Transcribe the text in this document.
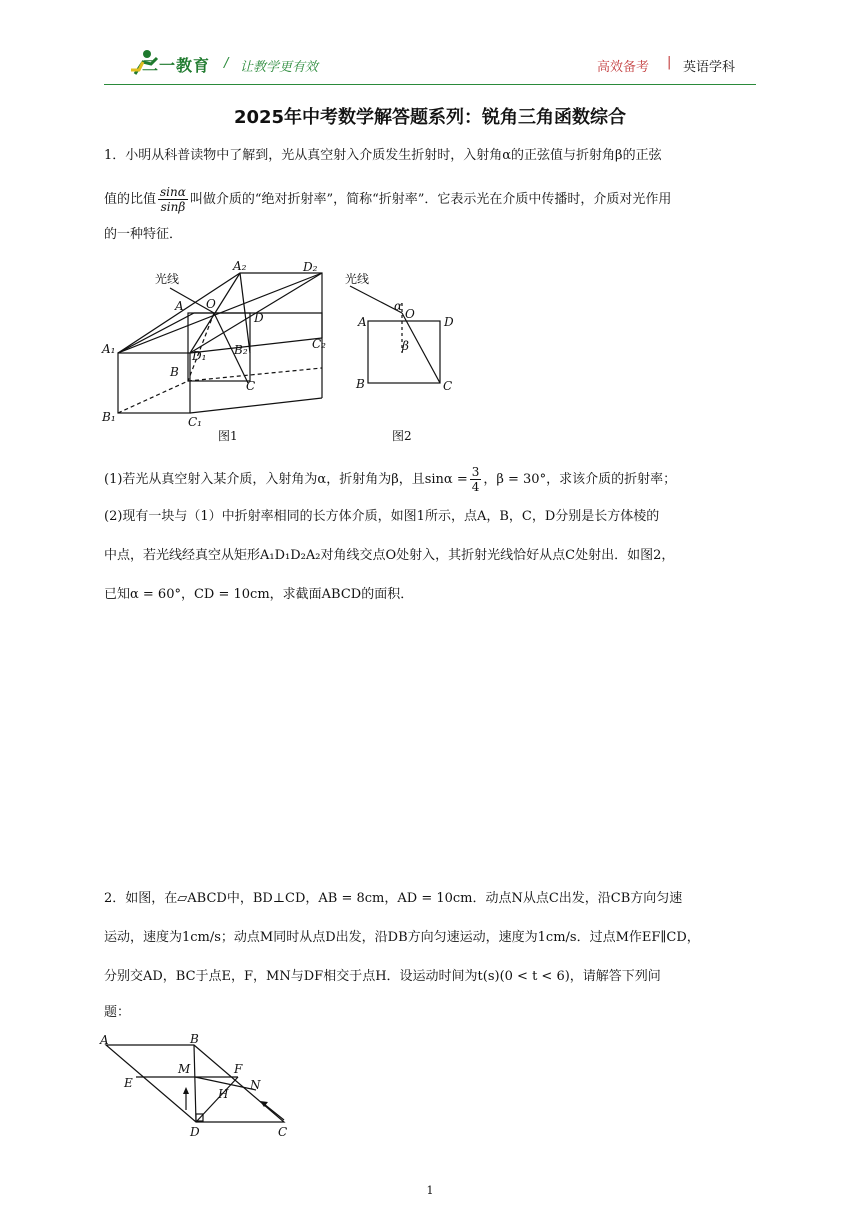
二一教育 / 让教学更有效	高效备考 | 英语学科
2025年中考数学解答题系列：锐角三角函数综合
1．小明从科普读物中了解到，光从真空射入介质发生折射时，入射角α的正弦值与折射角β的正弦
值的比值 $\frac{\sin\alpha}{\sin\beta}$ 叫做介质的“绝对折射率”，简称“折射率”．它表示光在介质中传播时，介质对光作用
的一种特征．
光线
A₂	D₂
A O
D
A₁	D₁ B₂	C₂
B
C
B₁	C₁
图1
光线
α
O
A	D
β
B	C
图2
(1)若光从真空射入某介质，入射角为α，折射角为β，且$\sin\alpha = \frac{3}{4}$ ，β = 30°，求该介质的折射率；
(2)现有一块与（1）中折射率相同的长方体介质，如图1所示，点A，B，C，D分别是长方体棱的
中点，若光线经真空从矩形A₁D₁D₂A₂对角线交点O处射入，其折射光线恰好从点C处射出．如图2，
已知α = 60°，CD = 10cm，求截面ABCD的面积．
2．如图，在▱ABCD中，BD⊥CD，AB = 8cm，AD = 10cm．动点N从点C出发，沿CB方向匀速
运动，速度为1cm/s；动点M同时从点D出发，沿DB方向匀速运动，速度为1cm/s．过点M作EF∥CD，
分别交AD，BC于点E，F，MN与DF相交于点H．设运动时间为t(s)(0 < t < 6)，请解答下列问
题：
A	B
C
D
E
F
H
M
N
1
